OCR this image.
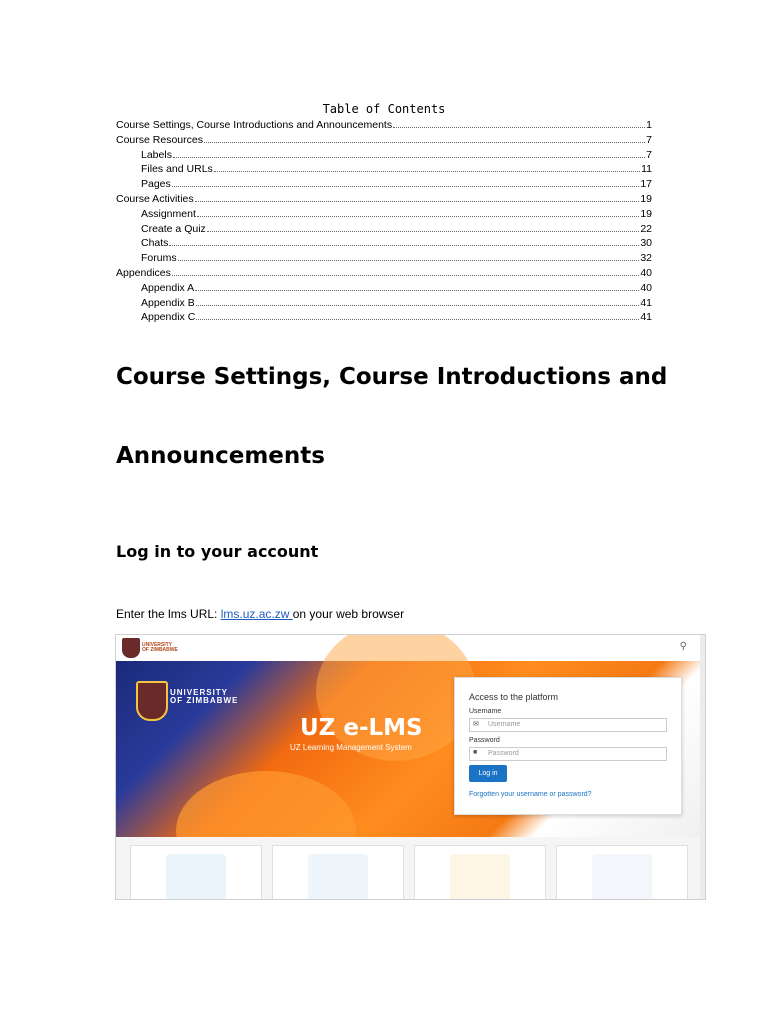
Table of Contents
Course Settings, Course Introductions and Announcements	1
Course Resources	7
Labels	7
Files and URLs	11
Pages	17
Course Activities	19
Assignment	19
Create a Quiz	22
Chats	30
Forums	32
Appendices	40
Appendix A	40
Appendix B	41
Appendix C	41
Course Settings, Course Introductions and
Announcements
Log in to your account
Enter the lms URL: lms.uz.ac.zw on your web browser
UNIVERSITY
OF ZIMBABWE	⚲
UNIVERSITY
OF ZIMBABWE
UZ e-LMS
UZ Learning Management System
Access to the platform
Username
✉ Username
Password
■ Password
Log in
Forgotten your username or password?
